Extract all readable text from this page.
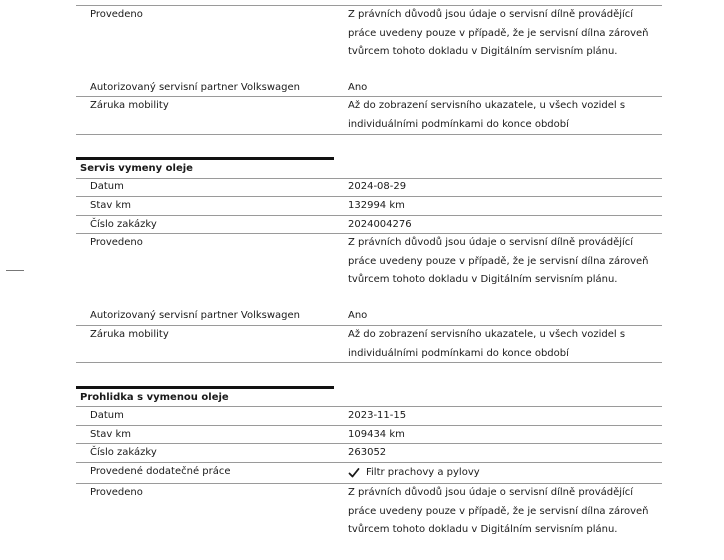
Provedeno	Z právních důvodů jsou údaje o servisní dílně provádějící práce uvedeny pouze v případě, že je servisní dílna zároveň tvůrcem tohoto dokladu v Digitálním servisním plánu.
Autorizovaný servisní partner Volkswagen	Ano
Záruka mobility	Až do zobrazení servisního ukazatele, u všech vozidel s individuálními podmínkami do konce období
Servis vymeny oleje
Datum	2024-08-29
Stav km	132994 km
Číslo zakázky	2024004276
Provedeno	Z právních důvodů jsou údaje o servisní dílně provádějící práce uvedeny pouze v případě, že je servisní dílna zároveň tvůrcem tohoto dokladu v Digitálním servisním plánu.
Autorizovaný servisní partner Volkswagen	Ano
Záruka mobility	Až do zobrazení servisního ukazatele, u všech vozidel s individuálními podmínkami do konce období
Prohlidka s vymenou oleje
Datum	2023-11-15
Stav km	109434 km
Číslo zakázky	263052
Provedené dodatečné práce	Filtr prachovy a pylovy
Provedeno	Z právních důvodů jsou údaje o servisní dílně provádějící práce uvedeny pouze v případě, že je servisní dílna zároveň tvůrcem tohoto dokladu v Digitálním servisním plánu.
